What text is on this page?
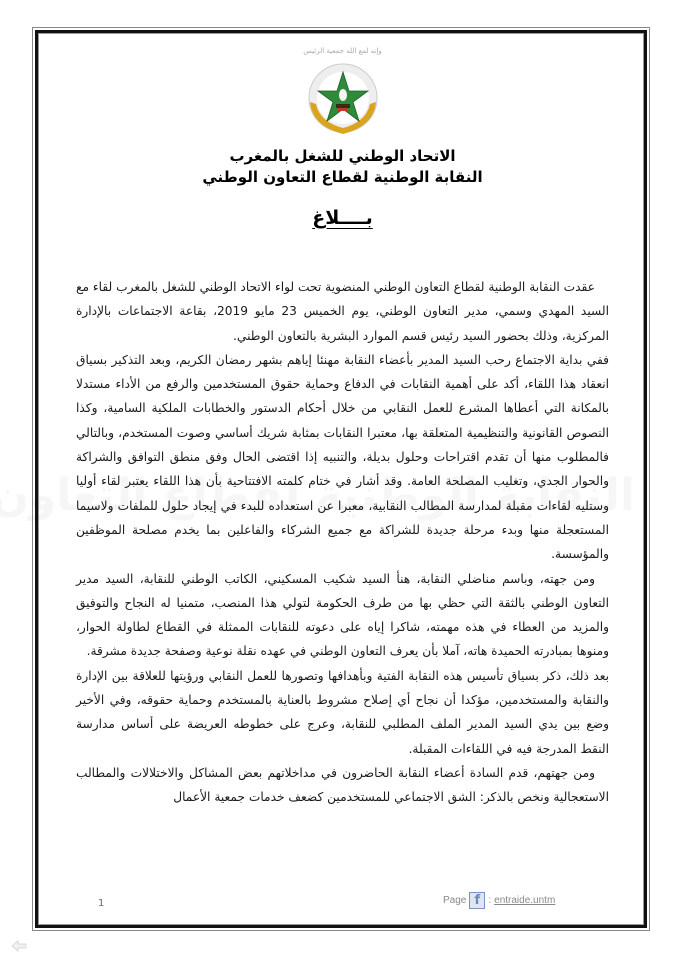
وإنه لمع الله جمعية الرئيس
الاتحاد الوطني للشغل بالمغرب
النقابة الوطنية لقطاع التعاون الوطني
بــــلاغ

عقدت النقابة الوطنية لقطاع التعاون الوطني المنضوية تحت لواء الاتحاد الوطني للشغل بالمغرب لقاء مع السيد المهدي وسمي، مدير التعاون الوطني، يوم الخميس 23 مايو 2019، بقاعة الاجتماعات بالإدارة المركزية، وذلك بحضور السيد رئيس قسم الموارد البشرية بالتعاون الوطني.

ففي بداية الاجتماع رحب السيد المدير بأعضاء النقابة مهنئا إياهم بشهر رمضان الكريم، وبعد التذكير بسياق انعقاد هذا اللقاء، أكد على أهمية النقابات في الدفاع وحماية حقوق المستخدمين والرفع من الأداء مستدلا بالمكانة التي أعطاها المشرع للعمل النقابي من خلال أحكام الدستور والخطابات الملكية السامية، وكذا النصوص القانونية والتنظيمية المتعلقة بها، معتبرا النقابات بمثابة شريك أساسي وصوت المستخدم، وبالتالي فالمطلوب منها أن تقدم اقتراحات وحلول بديلة، والتنبيه إذا اقتضى الحال وفق منطق التوافق والشراكة والحوار الجدي، وتغليب المصلحة العامة. وقد أشار في ختام كلمته الافتتاحية بأن هذا اللقاء يعتبر لقاء أوليا وستليه لقاءات مقبلة لمدارسة المطالب النقابية، معبرا عن استعداده للبدء في إيجاد حلول للملفات ولاسيما المستعجلة منها وبدء مرحلة جديدة للشراكة مع جميع الشركاء والفاعلين بما يخدم مصلحة الموظفين والمؤسسة.

ومن جهته، وباسم مناضلي النقابة، هنأ السيد شكيب المسكيني، الكاتب الوطني للنقابة، السيد مدير التعاون الوطني بالثقة التي حظي بها من طرف الحكومة لتولي هذا المنصب، متمنيا له النجاح والتوفيق والمزيد من العطاء في هذه مهمته، شاكرا إياه على دعوته للنقابات الممثلة في القطاع لطاولة الحوار، ومنوها بمبادرته الحميدة هاته، آملا بأن يعرف التعاون الوطني في عهده نقلة نوعية وصفحة جديدة مشرقة.

بعد ذلك، ذكر بسياق تأسيس هذه النقابة الفتية وبأهدافها وتصورها للعمل النقابي ورؤيتها للعلاقة بين الإدارة والنقابة والمستخدمين، مؤكدا أن نجاح أي إصلاح مشروط بالعناية بالمستخدم وحماية حقوقه، وفي الأخير وضع بين يدي السيد المدير الملف المطلبي للنقابة، وعرج على خطوطه العريضة على أساس مدارسة النقط المدرجة فيه في اللقاءات المقبلة.

ومن جهتهم، قدم السادة أعضاء النقابة الحاضرون في مداخلاتهم بعض المشاكل والاختلالات والمطالب الاستعجالية ونخص بالذكر: الشق الاجتماعي للمستخدمين كضعف خدمات جمعية الأعمال

1	Page f : entraide.untm
